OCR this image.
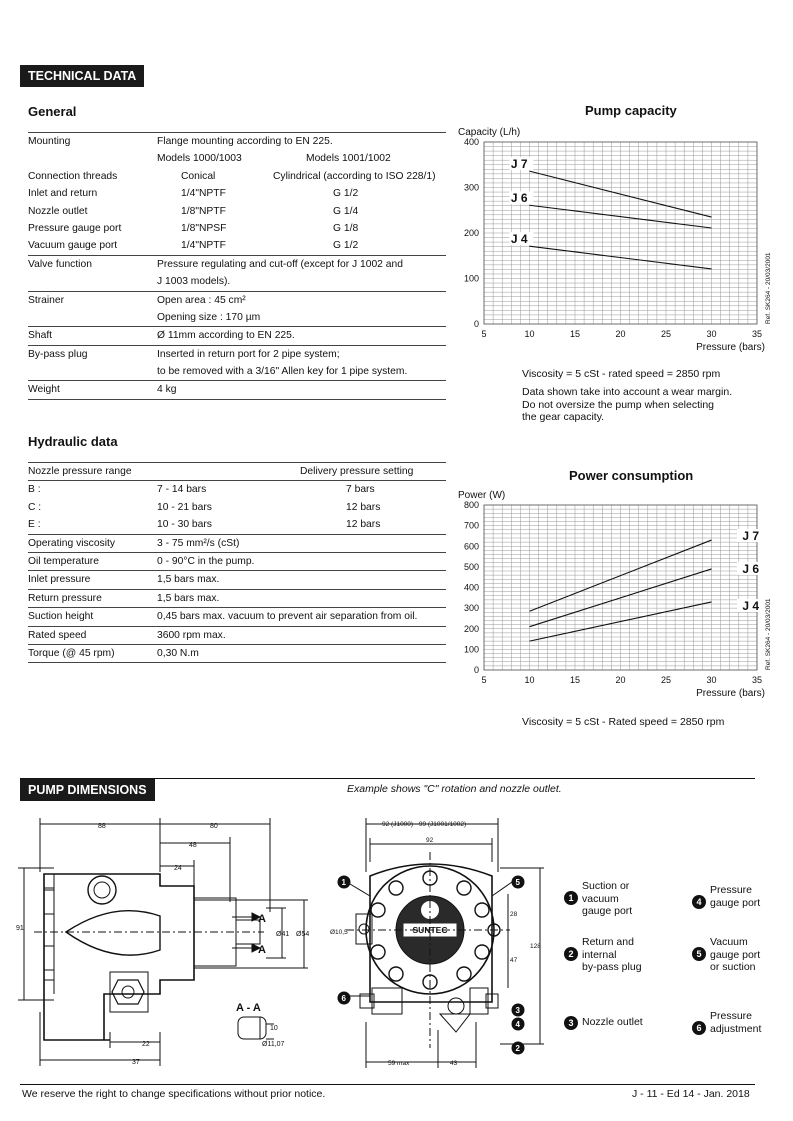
TECHNICAL DATA
General
Mounting	Flange mounting according to EN 225.
Models 1000/1003	Models 1001/1002
Connection threads	Conical	Cylindrical (according to ISO 228/1)
Inlet and return	1/4"NPTF	G 1/2
Nozzle outlet	1/8"NPTF	G 1/4
Pressure gauge port	1/8"NPSF	G 1/8
Vacuum gauge port	1/4"NPTF	G 1/2
Valve function	Pressure regulating and cut-off (except for J 1002 and
J 1003 models).
Strainer	Open area : 45 cm²
Opening size : 170 µm
Shaft	Ø 11mm according to EN 225.
By-pass plug	Inserted in return port for 2 pipe system;
to be removed with a 3/16" Allen key for 1 pipe system.
Weight	4 kg
Hydraulic data
Nozzle pressure range	Delivery pressure setting
B :	7 - 14 bars	7 bars
C :	10 - 21 bars	12 bars
E :	10 - 30 bars	12 bars
Operating viscosity	3 - 75 mm²/s (cSt)
Oil temperature	0 - 90°C in the pump.
Inlet pressure	1,5 bars max.
Return pressure	1,5 bars max.
Suction height	0,45 bars max. vacuum to prevent air separation from oil.
Rated speed	3600 rpm max.
Torque (@ 45 rpm)	0,30 N.m
Pump capacity
5	10	15	20	25	30	35
0
100
200
300
400
Capacity (L/h)
Pressure (bars)
Ref. SK264 - 20/03/2001
J 7
J 6
J 4
Viscosity = 5 cSt - rated speed = 2850 rpm
Data shown take into account a wear margin.
Do not oversize the pump when selecting
the gear capacity.
Power consumption
5	10	15	20	25	30	35
0
100
200
300
400
500
600
700
800
Power (W)
Pressure (bars)
Ref. SK264 - 20/03/2001
J 7
J 6
J 4
Viscosity = 5 cSt - Rated speed = 2850 rpm
PUMP DIMENSIONS	Example shows "C" rotation and nozzle outlet.
88	80
48
24
91
Ø41 Ø54
22
37
10
Ø11,07
A
A
A - A
92 (J1000) - 99 (J1001/1002)
92
28
47
128
Ø10,5
59 max	43
SUNTEC
1	5
6
3
4
2
1
Suction or
vacuum
gauge port
4
Pressure
gauge port
2
Return and
internal
by-pass plug
5
Vacuum
gauge port
or suction
3 Nozzle outlet	6
Pressure
adjustment
We reserve the right to change specifications without prior notice.	J - 11 - Ed 14 - Jan. 2018
